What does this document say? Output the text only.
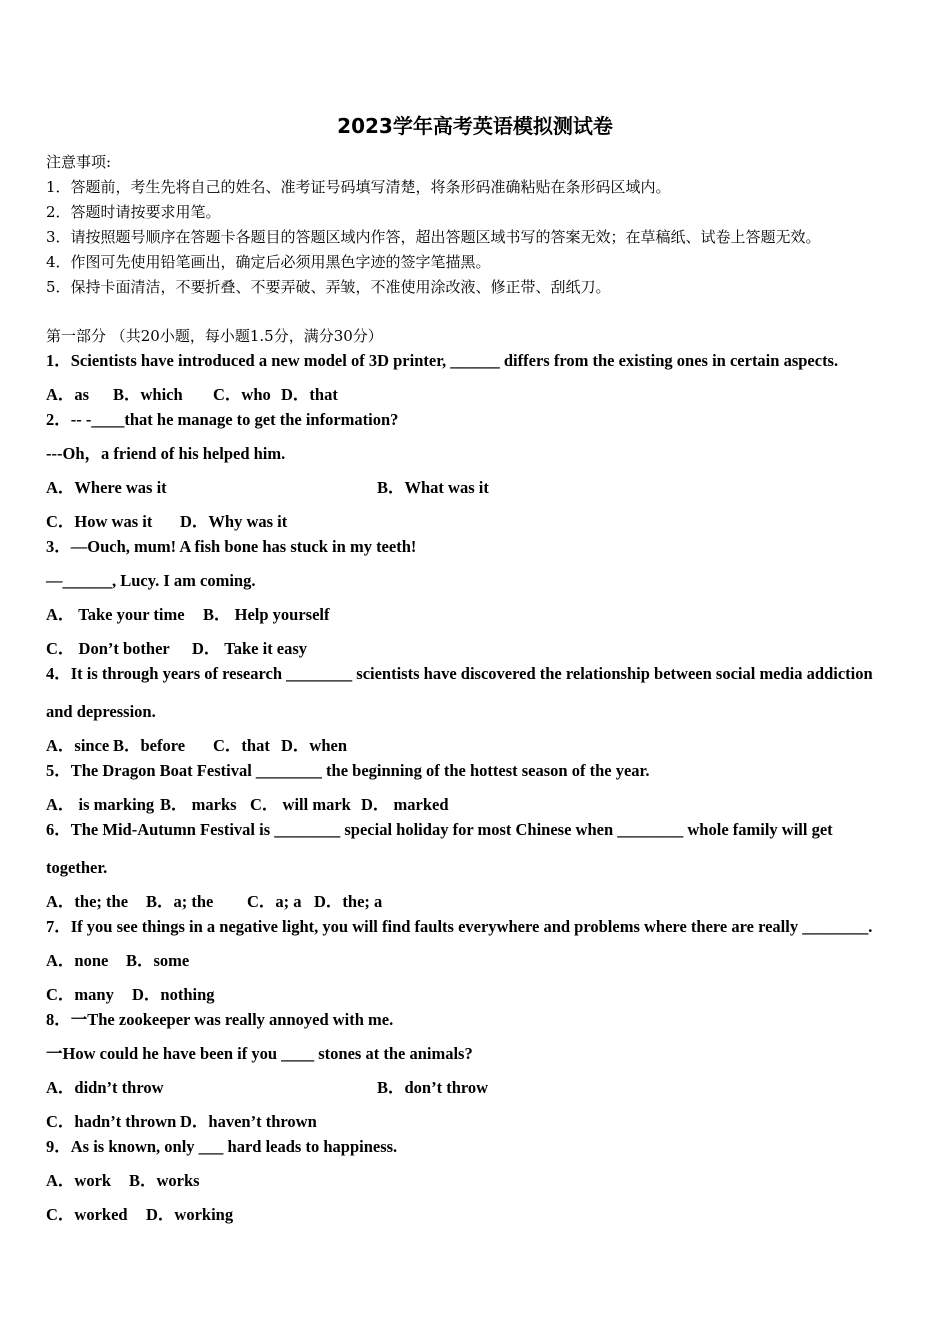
2023学年高考英语模拟测试卷
注意事项:
1．答题前，考生先将自己的姓名、准考证号码填写清楚，将条形码准确粘贴在条形码区域内。
2．答题时请按要求用笔。
3．请按照题号顺序在答题卡各题目的答题区域内作答，超出答题区域书写的答案无效；在草稿纸、试卷上答题无效。
4．作图可先使用铅笔画出，确定后必须用黑色字迹的签字笔描黑。
5．保持卡面清洁，不要折叠、不要弄破、弄皱，不准使用涂改液、修正带、刮纸刀。
第一部分 （共20小题，每小题1.5分，满分30分）
1．Scientists have introduced a new model of 3D printer, ______ differs from the existing ones in certain aspects.
A．as B．which C．who D．that
2．-- -____that he manage to get the information?
---Oh，a friend of his helped him.
A．Where was it	B．What was it
C．How was it D．Why was it
3．—Ouch, mum! A fish bone has stuck in my teeth!
—______, Lucy. I am coming.
A． Take your time B． Help yourself
C． Don’t bother D． Take it easy
4．It is through years of research ________ scientists have discovered the relationship between social media addiction
and depression.
A．since B．before C．that D．when
5．The Dragon Boat Festival ________ the beginning of the hottest season of the year.
A． is marking B． marks C． will mark D． marked
6．The Mid-Autumn Festival is ________ special holiday for most Chinese when ________ whole family will get
together.
A．the; the B．a; the C．a; a D．the; a
7．If you see things in a negative light, you will find faults everywhere and problems where there are really ________.
A．none B．some
C．many D．nothing
8．一The zookeeper was really annoyed with me.
一How could he have been if you ____ stones at the animals?
A．didn’t throw	B．don’t throw
C．hadn’t thrown D．haven’t thrown
9．As is known, only ___ hard leads to happiness.
A．work B．works
C．worked D．working
